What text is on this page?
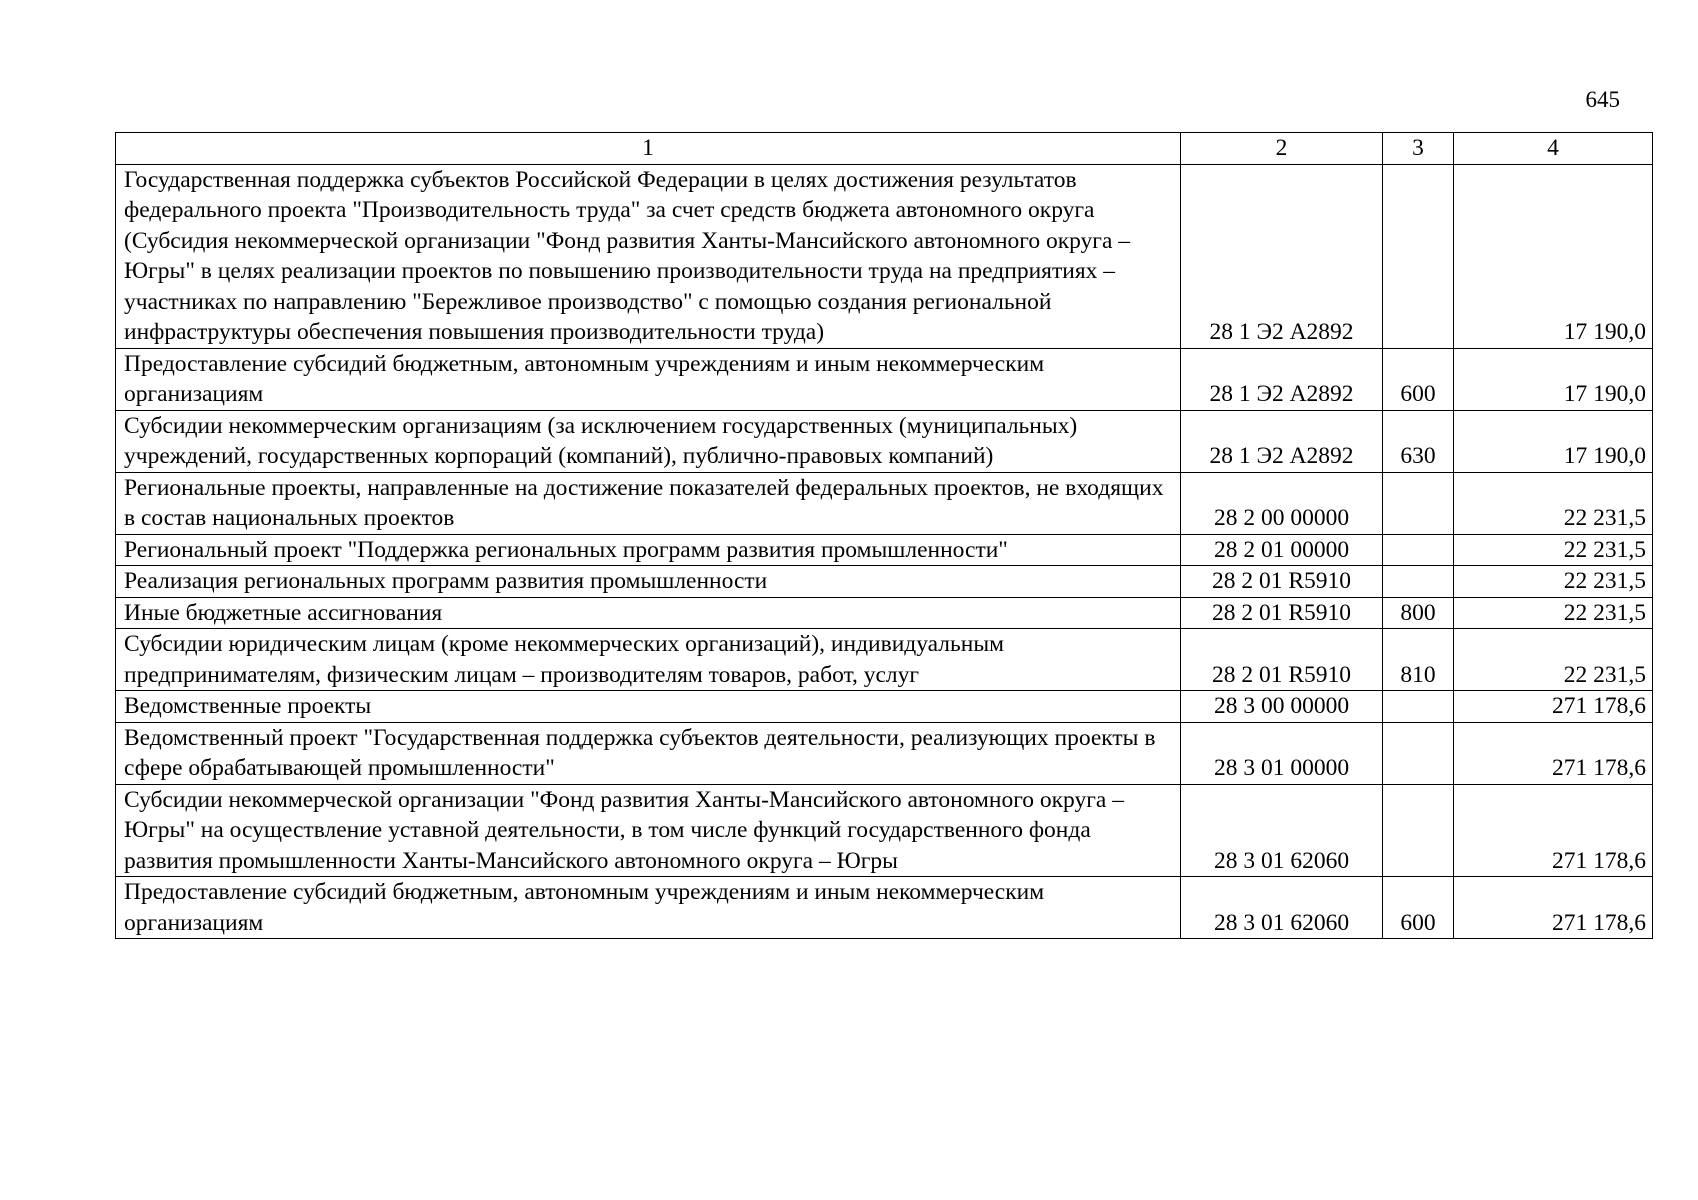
645
1	2	3	4
Государственная поддержка субъектов Российской Федерации в целях достижения результатов федерального проекта "Производительность труда" за счет средств бюджета автономного округа (Субсидия некоммерческой организации "Фонд развития Ханты-Мансийского автономного округа – Югры" в целях реализации проектов по повышению производительности труда на предприятиях – участниках по направлению "Бережливое производство" с помощью создания региональной инфраструктуры обеспечения повышения производительности труда)	28 1 Э2 А2892		17 190,0
Предоставление субсидий бюджетным, автономным учреждениям и иным некоммерческим организациям	28 1 Э2 А2892	600	17 190,0
Субсидии некоммерческим организациям (за исключением государственных (муниципальных) учреждений, государственных корпораций (компаний), публично-правовых компаний)	28 1 Э2 А2892	630	17 190,0
Региональные проекты, направленные на достижение показателей федеральных проектов, не входящих в состав национальных проектов	28 2 00 00000		22 231,5
Региональный проект "Поддержка региональных программ развития промышленности"	28 2 01 00000		22 231,5
Реализация региональных программ развития промышленности	28 2 01 R5910		22 231,5
Иные бюджетные ассигнования	28 2 01 R5910	800	22 231,5
Субсидии юридическим лицам (кроме некоммерческих организаций), индивидуальным предпринимателям, физическим лицам – производителям товаров, работ, услуг	28 2 01 R5910	810	22 231,5
Ведомственные проекты	28 3 00 00000		271 178,6
Ведомственный проект "Государственная поддержка субъектов деятельности, реализующих проекты в сфере обрабатывающей промышленности"	28 3 01 00000		271 178,6
Субсидии некоммерческой организации "Фонд развития Ханты-Мансийского автономного округа – Югры" на осуществление уставной деятельности, в том числе функций государственного фонда развития промышленности Ханты-Мансийского автономного округа – Югры	28 3 01 62060		271 178,6
Предоставление субсидий бюджетным, автономным учреждениям и иным некоммерческим организациям	28 3 01 62060	600	271 178,6
